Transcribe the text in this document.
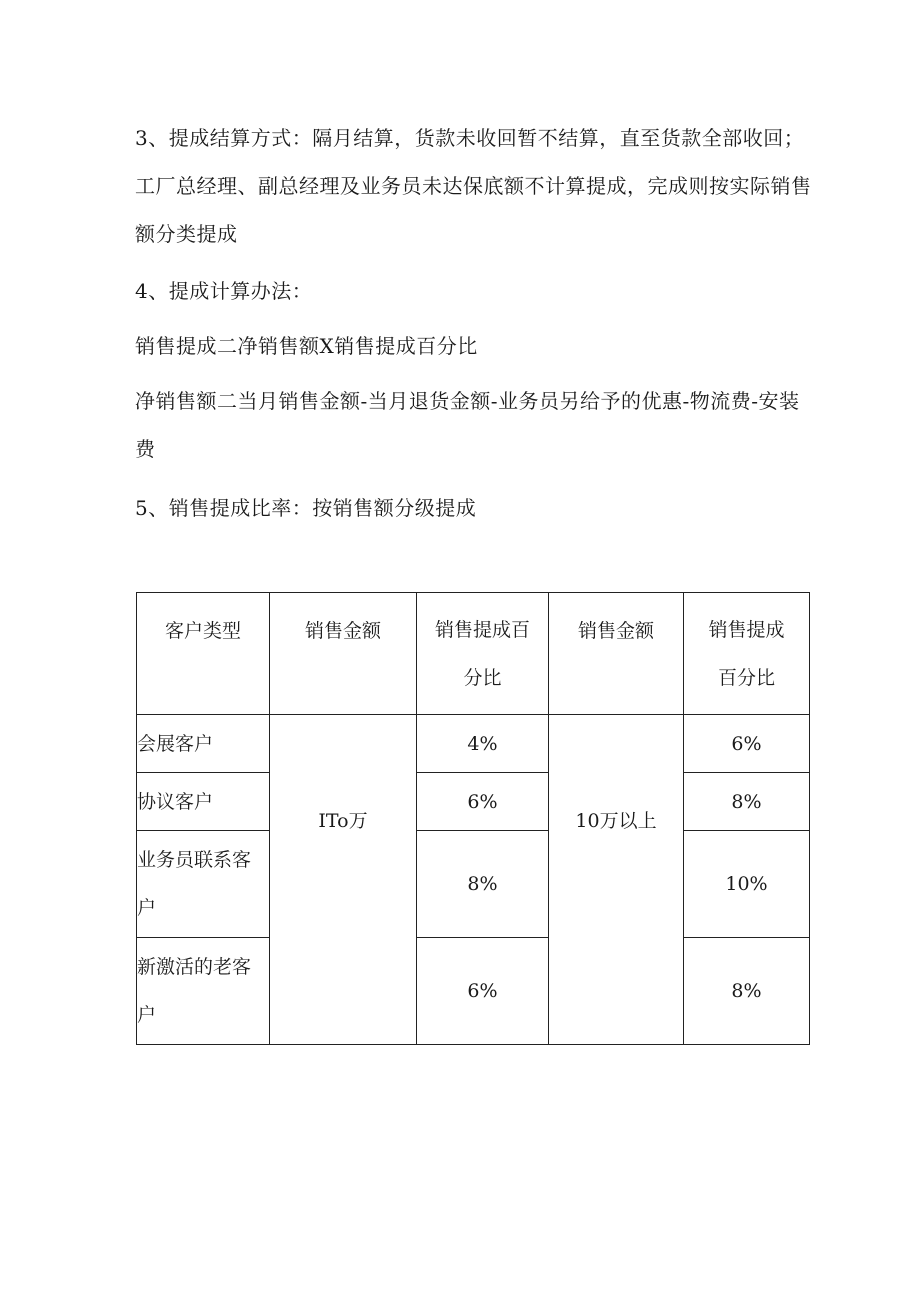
3、提成结算方式：隔月结算，货款未收回暂不结算，直至货款全部收回；工厂总经理、副总经理及业务员未达保底额不计算提成，完成则按实际销售额分类提成

4、提成计算办法：

销售提成二净销售额X销售提成百分比

净销售额二当月销售金额-当月退货金额-业务员另给予的优惠-物流费-安装费

5、销售提成比率：按销售额分级提成

客户类型	销售金额	销售提成百分比	销售金额	销售提成百分比
会展客户	ITo万	4%	10万以上	6%
协议客户		6%		8%
业务员联系客户		8%		10%
新激活的老客户		6%		8%
